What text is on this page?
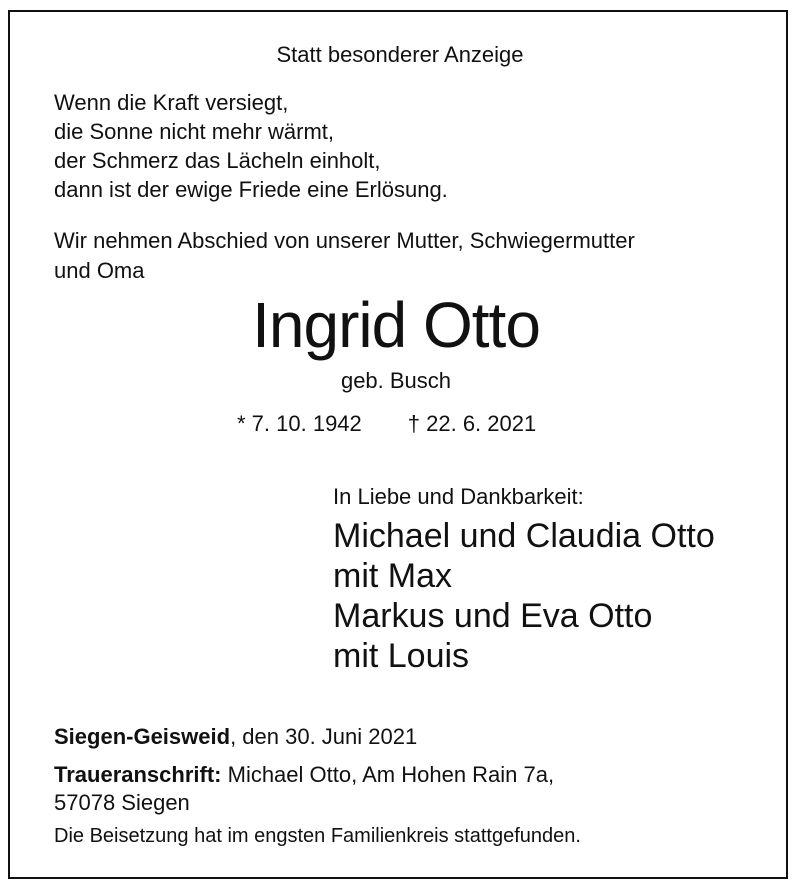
Statt besonderer Anzeige

Wenn die Kraft versiegt,
die Sonne nicht mehr wärmt,
der Schmerz das Lächeln einholt,
dann ist der ewige Friede eine Erlösung.
Wir nehmen Abschied von unserer Mutter, Schwiegermutter
und Oma

Ingrid Otto

geb. Busch

* 7. 10. 1942 † 22. 6. 2021

In Liebe und Dankbarkeit:

Michael und Claudia Otto
mit Max
Markus und Eva Otto
mit Louis

Siegen-Geisweid, den 30. Juni 2021

Traueranschrift: Michael Otto, Am Hohen Rain 7a,
57078 Siegen

Die Beisetzung hat im engsten Familienkreis stattgefunden.
